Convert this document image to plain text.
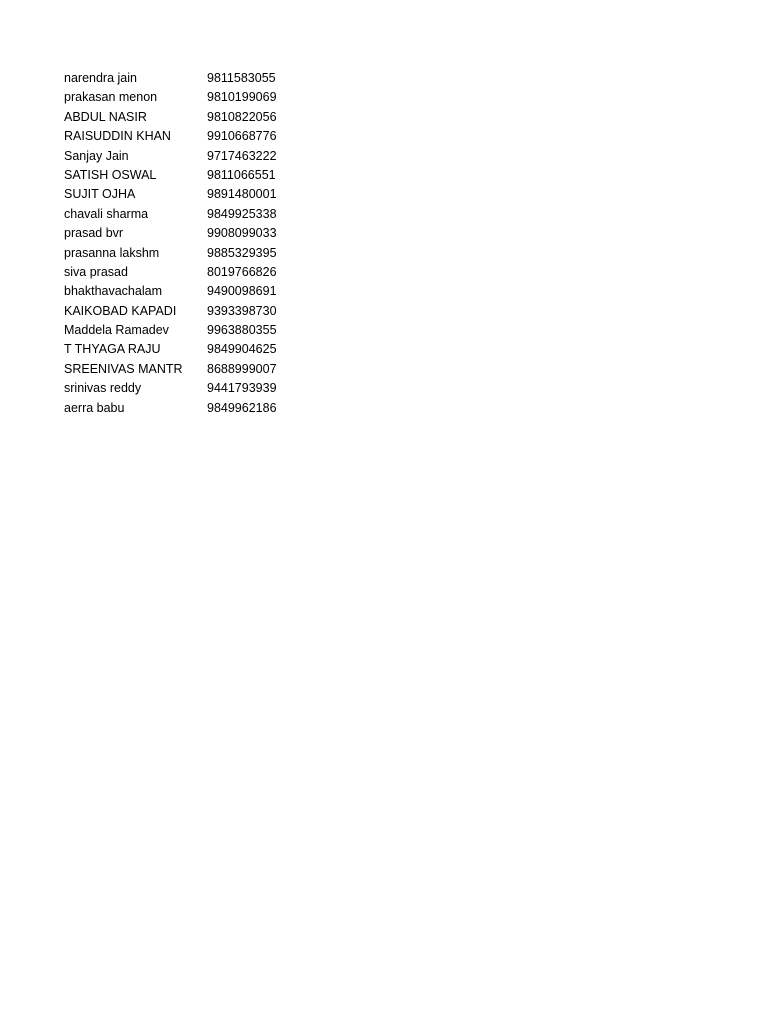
narendra jain	9811583055
prakasan menon	9810199069
ABDUL NASIR	9810822056
RAISUDDIN KHAN	9910668776
Sanjay Jain	9717463222
SATISH OSWAL	9811066551
SUJIT OJHA	9891480001
chavali sharma	9849925338
prasad bvr	9908099033
prasanna lakshm	9885329395
siva prasad	8019766826
bhakthavachalam	9490098691
KAIKOBAD KAPADI	9393398730
Maddela Ramadev	9963880355
T THYAGA RAJU	9849904625
SREENIVAS MANTR	8688999007
srinivas reddy	9441793939
aerra babu	9849962186
